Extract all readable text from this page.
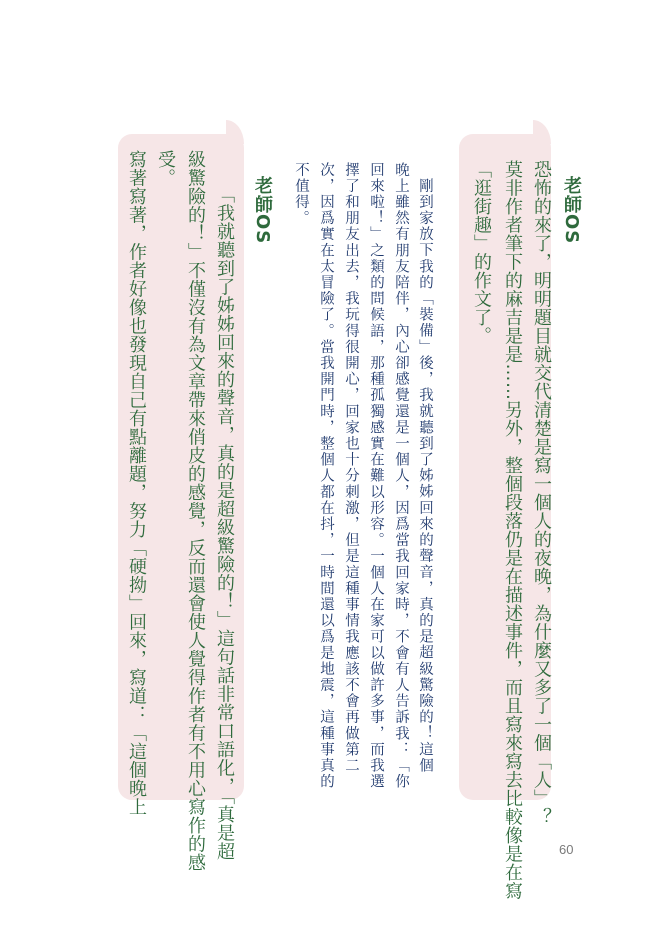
老師OS
恐怖的來了，明明題目就交代清楚是寫一個人的夜晚，為什麼又多了一個「人」？
莫非作者筆下的麻吉是是……另外，整個段落仍是在描述事件，而且寫來寫去比較像是在寫
「逛街趣」的作文了。
剛到家放下我的「裝備」後，我就聽到了姊姊回來的聲音，真的是超級驚險的！這個
晚上雖然有朋友陪伴，內心卻感覺還是一個人，因爲當我回家時，不會有人告訴我：「你
回來啦！」之類的問候語，那種孤獨感實在難以形容。一個人在家可以做許多事，而我選
擇了和朋友出去，我玩得很開心，回家也十分刺激，但是這種事情我應該不會再做第二
次，因爲實在太冒險了。當我開門時，整個人都在抖，一時間還以爲是地震，這種事真的
不值得。
老師OS
「我就聽到了姊姊回來的聲音，真的是超級驚險的！」這句話非常口語化，「真是超
級驚險的！」不僅沒有為文章帶來俏皮的感覺，反而還會使人覺得作者有不用心寫作的感
受。
寫著寫著，作者好像也發現自己有點離題，努力「硬拗」回來，寫道：「這個晚上
60
